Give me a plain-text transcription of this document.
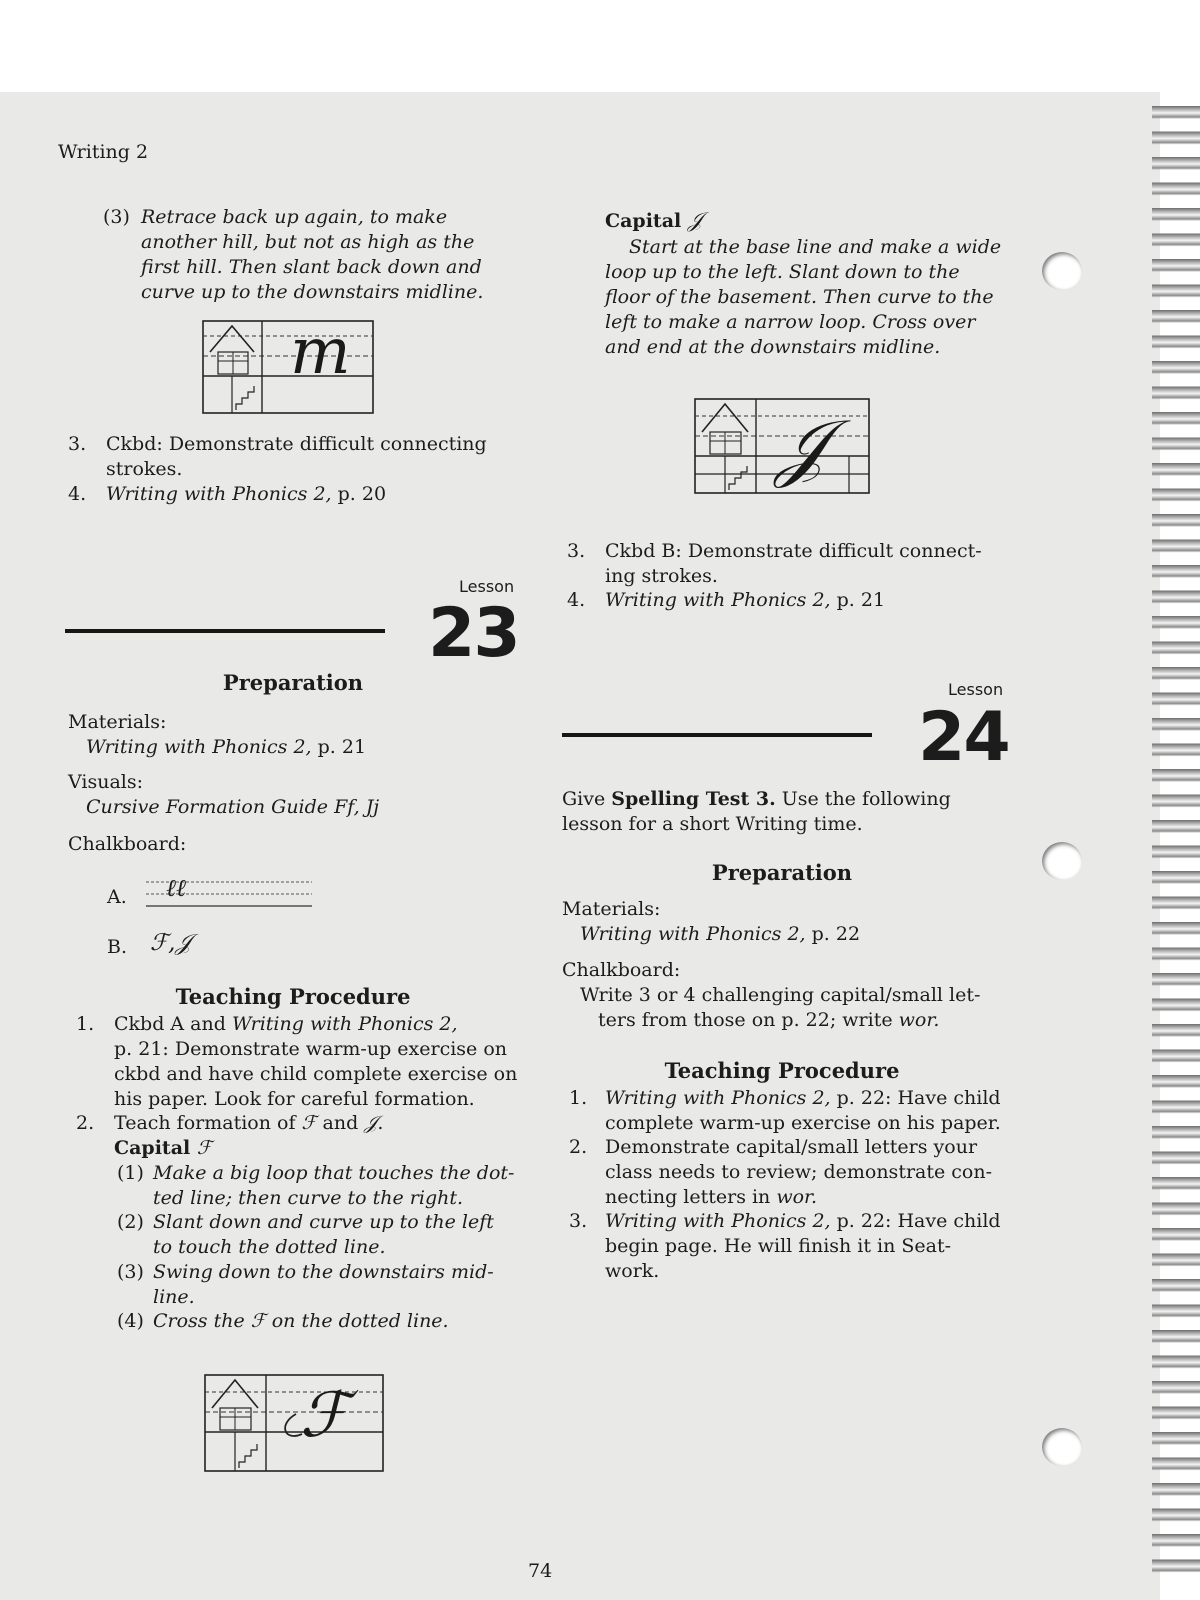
Writing 2
(3) Retrace back up again, to make
another hill, but not as high as the
first hill. Then slant back down and
curve up to the downstairs midline.
m
3.	Ckbd: Demonstrate difficult connecting
strokes.
4.	Writing with Phonics 2, p. 20
Lesson
23
Preparation
Materials:
Writing with Phonics 2, p. 21
Visuals:
Cursive Formation Guide Ff, Jj
Chalkboard:
A. ℓℓ
B. ℱ,𝒥
Teaching Procedure
1.	Ckbd A and Writing with Phonics 2,
p. 21: Demonstrate warm-up exercise on
ckbd and have child complete exercise on
his paper. Look for careful formation.
2.	Teach formation of ℱ and 𝒥.
Capital ℱ
(1) Make a big loop that touches the dot-
ted line; then curve to the right.
(2) Slant down and curve up to the left
to touch the dotted line.
(3) Swing down to the downstairs mid-
line.
(4) Cross the ℱ on the dotted line.
ℱ
Capital 𝒥
Start at the base line and make a wide
loop up to the left. Slant down to the
floor of the basement. Then curve to the
left to make a narrow loop. Cross over
and end at the downstairs midline.
𝒥
3.	Ckbd B: Demonstrate difficult connect-
ing strokes.
4.	Writing with Phonics 2, p. 21
Lesson
24
Give Spelling Test 3. Use the following
lesson for a short Writing time.
Preparation
Materials:
Writing with Phonics 2, p. 22
Chalkboard:
Write 3 or 4 challenging capital/small let-
ters from those on p. 22; write wor.
Teaching Procedure
1. Writing with Phonics 2, p. 22: Have child
complete warm-up exercise on his paper.
2. Demonstrate capital/small letters your
class needs to review; demonstrate con-
necting letters in wor.
3. Writing with Phonics 2, p. 22: Have child
begin page. He will finish it in Seat-
work.
74
